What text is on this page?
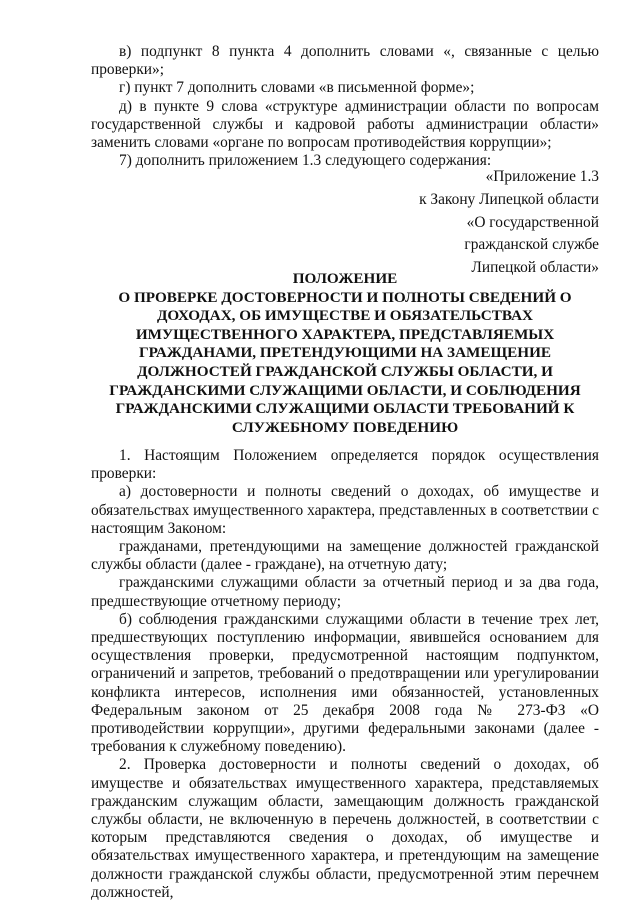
в) подпункт 8 пункта 4 дополнить словами «, связанные с целью проверки»;

г) пункт 7 дополнить словами «в письменной форме»;

д) в пункте 9 слова «структуре администрации области по вопросам государственной службы и кадровой работы администрации области» заменить словами «органе по вопросам противодействия коррупции»;

7) дополнить приложением 1.3 следующего содержания:

«Приложение 1.3
к Закону Липецкой области
«О государственной
гражданской службе
Липецкой области»
ПОЛОЖЕНИЕ
О ПРОВЕРКЕ ДОСТОВЕРНОСТИ И ПОЛНОТЫ СВЕДЕНИЙ О
ДОХОДАХ, ОБ ИМУЩЕСТВЕ И ОБЯЗАТЕЛЬСТВАХ
ИМУЩЕСТВЕННОГО ХАРАКТЕРА, ПРЕДСТАВЛЯЕМЫХ
ГРАЖДАНАМИ, ПРЕТЕНДУЮЩИМИ НА ЗАМЕЩЕНИЕ
ДОЛЖНОСТЕЙ ГРАЖДАНСКОЙ СЛУЖБЫ ОБЛАСТИ, И
ГРАЖДАНСКИМИ СЛУЖАЩИМИ ОБЛАСТИ, И СОБЛЮДЕНИЯ
ГРАЖДАНСКИМИ СЛУЖАЩИМИ ОБЛАСТИ ТРЕБОВАНИЙ К
СЛУЖЕБНОМУ ПОВЕДЕНИЮ

1. Настоящим Положением определяется порядок осуществления проверки:

а) достоверности и полноты сведений о доходах, об имуществе и обязательствах имущественного характера, представленных в соответствии с настоящим Законом:

гражданами, претендующими на замещение должностей гражданской службы области (далее - граждане), на отчетную дату;

гражданскими служащими области за отчетный период и за два года, предшествующие отчетному периоду;

б) соблюдения гражданскими служащими области в течение трех лет, предшествующих поступлению информации, явившейся основанием для осуществления проверки, предусмотренной настоящим подпунктом, ограничений и запретов, требований о предотвращении или урегулировании конфликта интересов, исполнения ими обязанностей, установленных Федеральным законом от 25 декабря 2008 года № 273-ФЗ «О противодействии коррупции», другими федеральными законами (далее - требования к служебному поведению).

2. Проверка достоверности и полноты сведений о доходах, об имуществе и обязательствах имущественного характера, представляемых гражданским служащим области, замещающим должность гражданской службы области, не включенную в перечень должностей, в соответствии с которым представляются сведения о доходах, об имуществе и обязательствах имущественного характера, и претендующим на замещение должности гражданской службы области, предусмотренной этим перечнем должностей,
